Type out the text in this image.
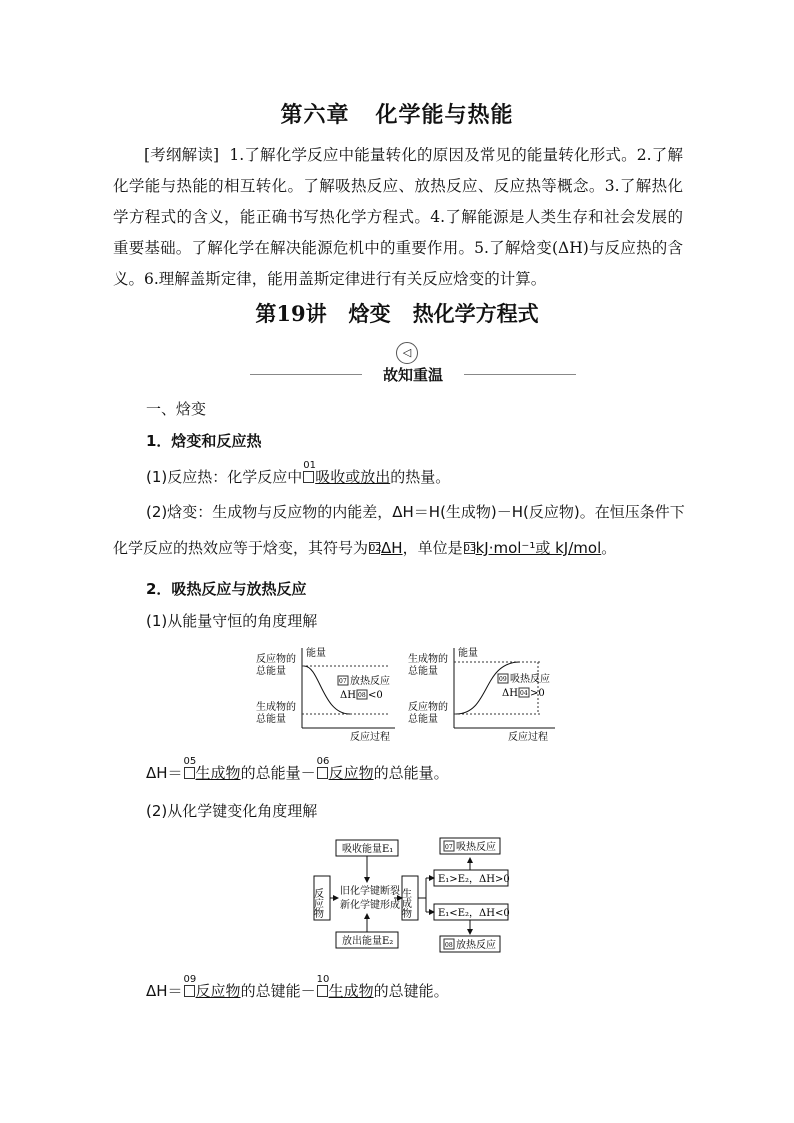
第六章 化学能与热能
[考纲解读] 1.了解化学反应中能量转化的原因及常见的能量转化形式。2.了解化学能与热能的相互转化。了解吸热反应、放热反应、反应热等概念。3.了解热化学方程式的含义，能正确书写热化学方程式。4.了解能源是人类生存和社会发展的重要基础。了解化学在解决能源危机中的重要作用。5.了解焓变(ΔH)与反应热的含义。6.理解盖斯定律，能用盖斯定律进行有关反应焓变的计算。
第19讲 焓变 热化学方程式
◁
故知重温
一、焓变
1．焓变和反应热
(1)反应热：化学反应中
01
吸收或放出的热量。
(2)焓变：生成物与反应物的内能差，ΔH＝H(生成物)－H(反应物)。在恒压条件下化学反应的热效应等于焓变，其符号为 02 ΔH，单位是 03 kJ·mol⁻¹或 kJ/mol。
2．吸热反应与放热反应
(1)从能量守恒的角度理解
反应物的
总能量
生成物的
总能量
能量
反应过程
07 放热反应
ΔH 08 <0
生成物的
总能量
反应物的
总能量
能量
反应过程
09 吸热反应
ΔH 04 >0
ΔH＝
05
生成物的总能量－
06
反应物的总能量。
(2)从化学键变化角度理解
吸收能量E₁
放出能量E₂
反应物 旧化学键断裂
新化学键形成 生成物
E₁>E₂，ΔH>0
E₁<E₂，ΔH<0
07 吸热反应
08 放热反应
ΔH＝
09
反应物的总键能－
10
生成物的总键能。
